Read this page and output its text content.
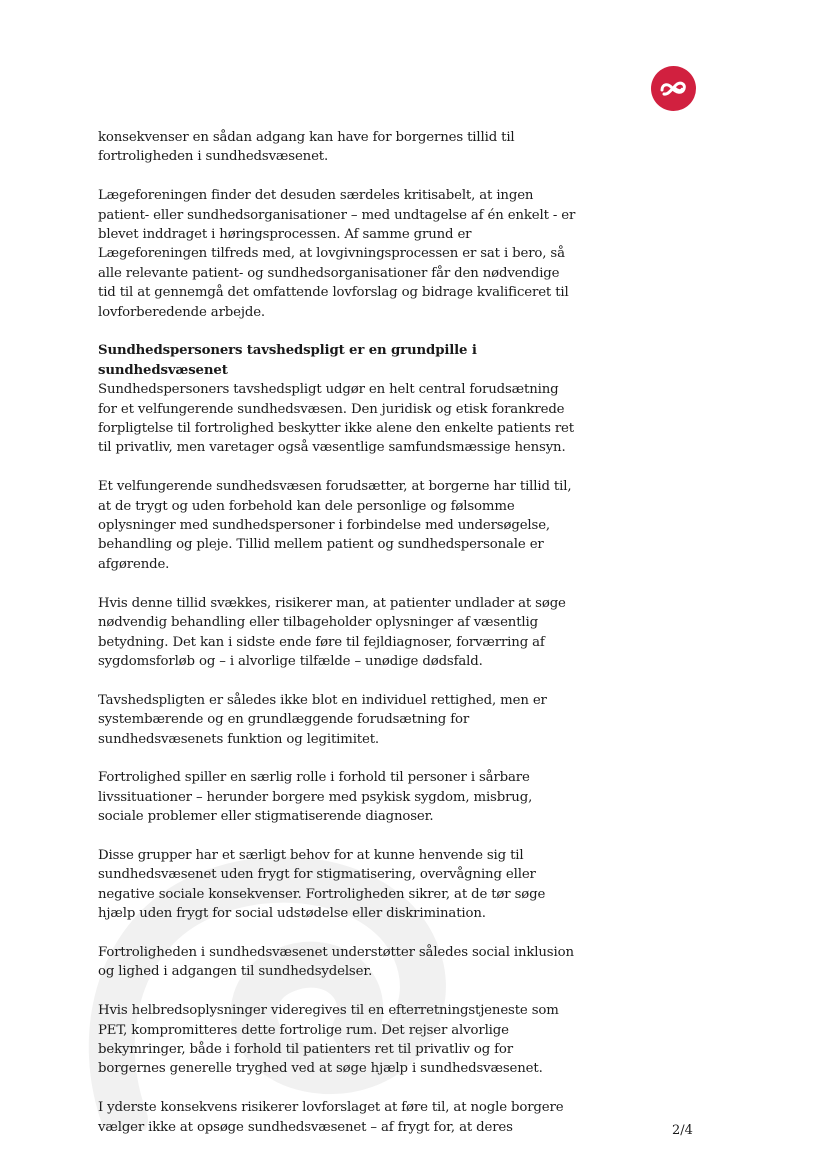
konsekvenser en sådan adgang kan have for borgernes tillid til fortroligheden i sundhedsvæsenet.

Lægeforeningen finder det desuden særdeles kritisabelt, at ingen patient- eller sundhedsorganisationer – med undtagelse af én enkelt - er blevet inddraget i høringsprocessen. Af samme grund er Lægeforeningen tilfreds med, at lovgivningsprocessen er sat i bero, så alle relevante patient- og sundhedsorganisationer får den nødvendige tid til at gennemgå det omfattende lovforslag og bidrage kvalificeret til lovforberedende arbejde.

Sundhedspersoners tavshedspligt er en grundpille i sundhedsvæsenet

Sundhedspersoners tavshedspligt udgør en helt central forudsætning for et velfungerende sundhedsvæsen. Den juridisk og etisk forankrede forpligtelse til fortrolighed beskytter ikke alene den enkelte patients ret til privatliv, men varetager også væsentlige samfundsmæssige hensyn.

Et velfungerende sundhedsvæsen forudsætter, at borgerne har tillid til, at de trygt og uden forbehold kan dele personlige og følsomme oplysninger med sundhedspersoner i forbindelse med undersøgelse, behandling og pleje. Tillid mellem patient og sundhedspersonale er afgørende.

Hvis denne tillid svækkes, risikerer man, at patienter undlader at søge nødvendig behandling eller tilbageholder oplysninger af væsentlig betydning. Det kan i sidste ende føre til fejldiagnoser, forværring af sygdomsforløb og – i alvorlige tilfælde – unødige dødsfald.

Tavshedspligten er således ikke blot en individuel rettighed, men er systembærende og en grundlæggende forudsætning for sundhedsvæsenets funktion og legitimitet.

Fortrolighed spiller en særlig rolle i forhold til personer i sårbare livssituationer – herunder borgere med psykisk sygdom, misbrug, sociale problemer eller stigmatiserende diagnoser.

Disse grupper har et særligt behov for at kunne henvende sig til sundhedsvæsenet uden frygt for stigmatisering, overvågning eller negative sociale konsekvenser. Fortroligheden sikrer, at de tør søge hjælp uden frygt for social udstødelse eller diskrimination.

Fortroligheden i sundhedsvæsenet understøtter således social inklusion og lighed i adgangen til sundhedsydelser.

Hvis helbredsoplysninger videregives til en efterretningstjeneste som PET, kompromitteres dette fortrolige rum. Det rejser alvorlige bekymringer, både i forhold til patienters ret til privatliv og for borgernes generelle tryghed ved at søge hjælp i sundhedsvæsenet.

I yderste konsekvens risikerer lovforslaget at føre til, at nogle borgere vælger ikke at opsøge sundhedsvæsenet – af frygt for, at deres	2/4
